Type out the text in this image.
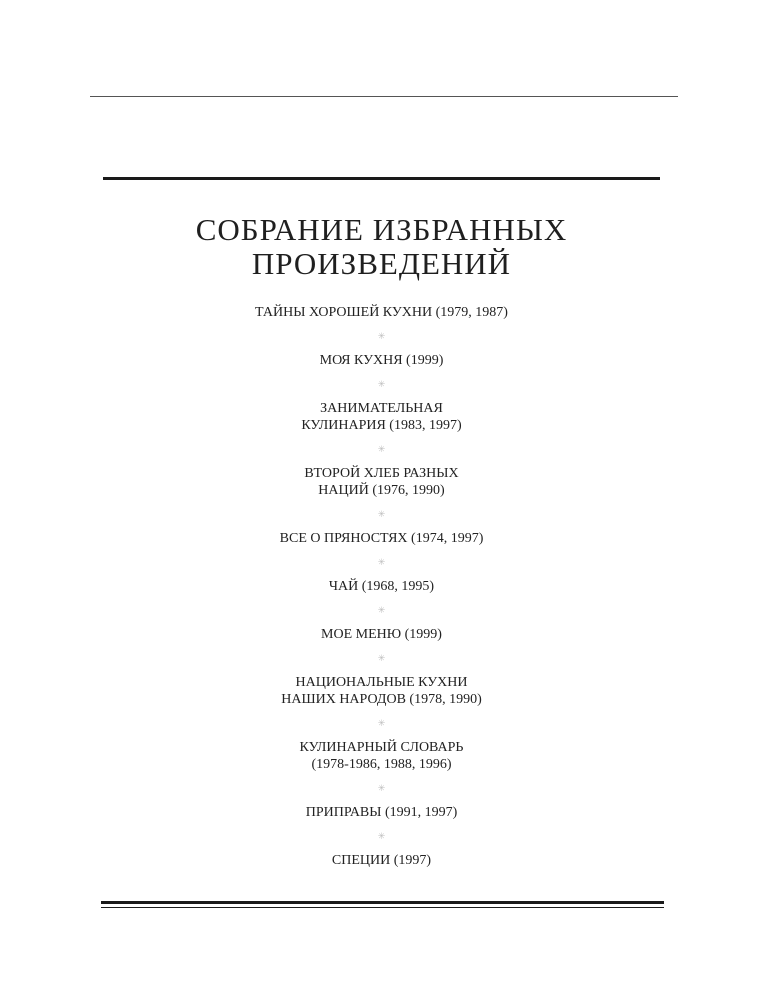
СОБРАНИЕ ИЗБРАННЫХ
ПРОИЗВЕДЕНИЙ
ТАЙНЫ ХОРОШЕЙ КУХНИ (1979, 1987)
✳
МОЯ КУХНЯ (1999)
✳
ЗАНИМАТЕЛЬНАЯ
КУЛИНАРИЯ (1983, 1997)
✳
ВТОРОЙ ХЛЕБ РАЗНЫХ
НАЦИЙ (1976, 1990)
✳
ВСЕ О ПРЯНОСТЯХ (1974, 1997)
✳
ЧАЙ (1968, 1995)
✳
МОЕ МЕНЮ (1999)
✳
НАЦИОНАЛЬНЫЕ КУХНИ
НАШИХ НАРОДОВ (1978, 1990)
✳
КУЛИНАРНЫЙ СЛОВАРЬ
(1978-1986, 1988, 1996)
✳
ПРИПРАВЫ (1991, 1997)
✳
СПЕЦИИ (1997)
